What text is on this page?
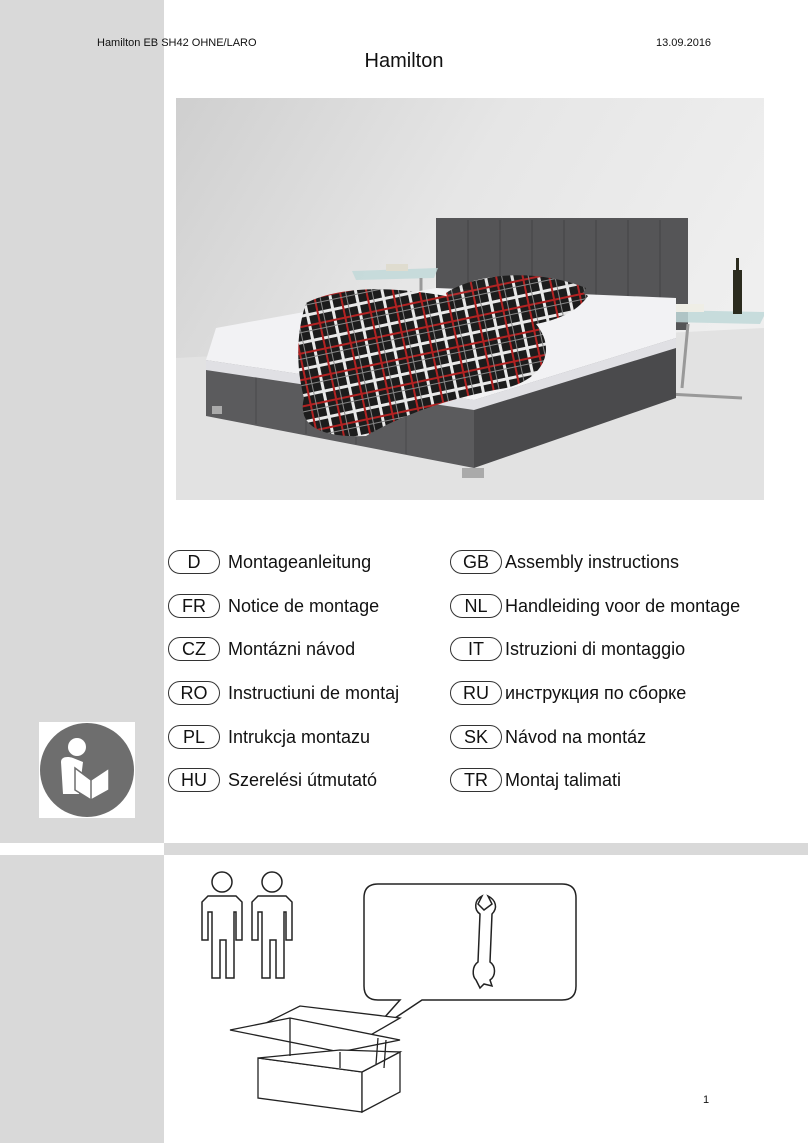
Hamilton EB SH42 OHNE/LARO	13.09.2016
Hamilton
D	Montageanleitung	GB Assembly instructions
FR	Notice de montage	NL Handleiding voor de montage
CZ	Montázni návod	IT	Istruzioni di montaggio
RO	Instructiuni de montaj	RU инструкция по сборке
PL	Intrukcja montazu	SK Návod na montáz
HU	Szerelési útmutató	TR Montaj talimati
1
